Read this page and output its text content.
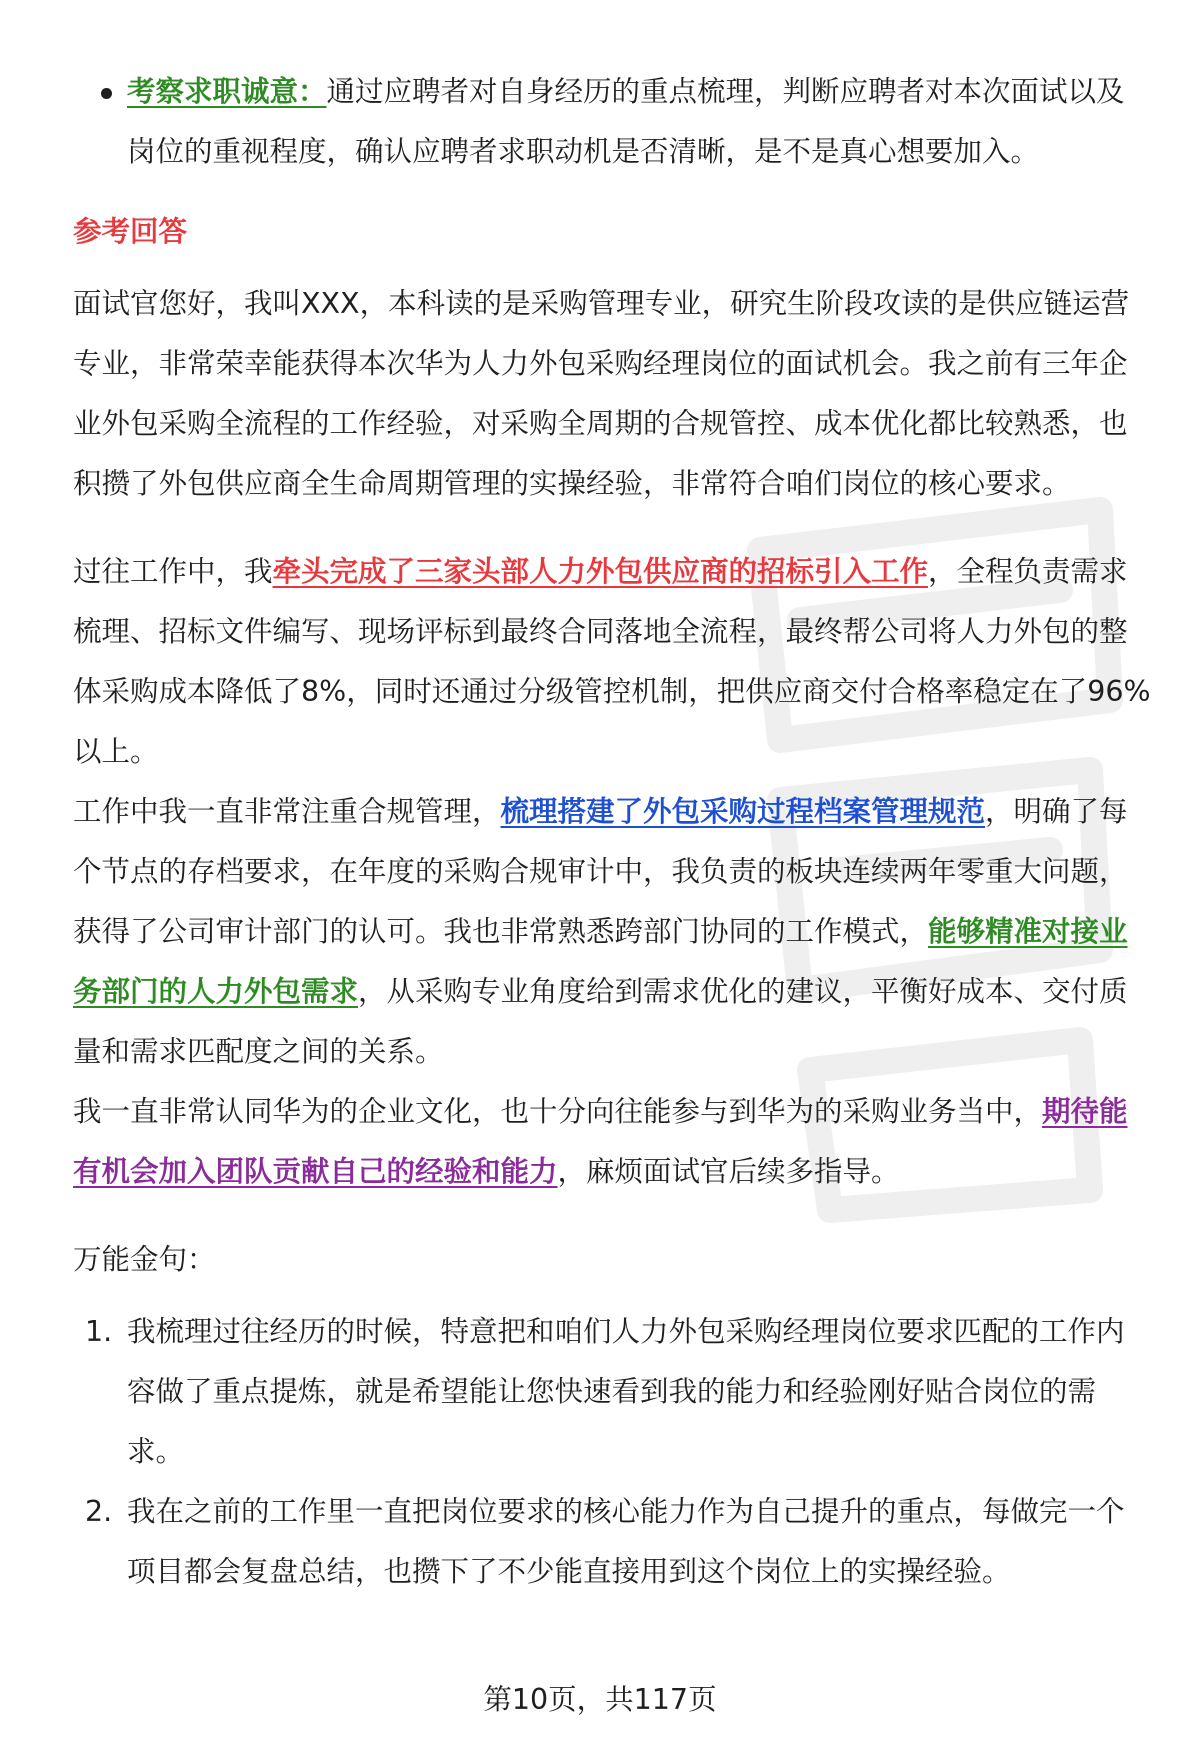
考察求职诚意：通过应聘者对自身经历的重点梳理，判断应聘者对本次面试以及岗位的重视程度，确认应聘者求职动机是否清晰，是不是真心想要加入。
参考回答
面试官您好，我叫XXX，本科读的是采购管理专业，研究生阶段攻读的是供应链运营专业，非常荣幸能获得本次华为人力外包采购经理岗位的面试机会。我之前有三年企业外包采购全流程的工作经验，对采购全周期的合规管控、成本优化都比较熟悉，也积攒了外包供应商全生命周期管理的实操经验，非常符合咱们岗位的核心要求。
过往工作中，我牵头完成了三家头部人力外包供应商的招标引入工作，全程负责需求梳理、招标文件编写、现场评标到最终合同落地全流程，最终帮公司将人力外包的整体采购成本降低了8%，同时还通过分级管控机制，把供应商交付合格率稳定在了96%以上。
工作中我一直非常注重合规管理，梳理搭建了外包采购过程档案管理规范，明确了每个节点的存档要求，在年度的采购合规审计中，我负责的板块连续两年零重大问题，获得了公司审计部门的认可。我也非常熟悉跨部门协同的工作模式，能够精准对接业务部门的人力外包需求，从采购专业角度给到需求优化的建议，平衡好成本、交付质量和需求匹配度之间的关系。
我一直非常认同华为的企业文化，也十分向往能参与到华为的采购业务当中，期待能有机会加入团队贡献自己的经验和能力，麻烦面试官后续多指导。
万能金句：
1. 我梳理过往经历的时候，特意把和咱们人力外包采购经理岗位要求匹配的工作内容做了重点提炼，就是希望能让您快速看到我的能力和经验刚好贴合岗位的需求。
2. 我在之前的工作里一直把岗位要求的核心能力作为自己提升的重点，每做完一个项目都会复盘总结，也攒下了不少能直接用到这个岗位上的实操经验。
第10页，共117页
